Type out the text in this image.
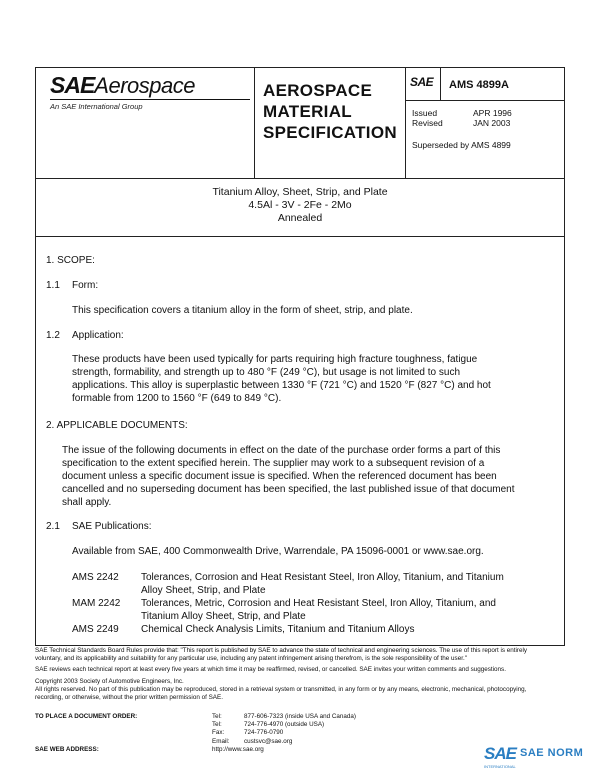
SAEAerospace
An SAE International Group
AEROSPACE
MATERIAL
SPECIFICATION
SAE AMS 4899A
Issued	APR 1996
Revised	JAN 2003
Superseded by AMS 4899
Titanium Alloy, Sheet, Strip, and Plate
4.5Al - 3V - 2Fe - 2Mo
Annealed
1. SCOPE:
1.1 Form:
This specification covers a titanium alloy in the form of sheet, strip, and plate.
1.2 Application:
These products have been used typically for parts requiring high fracture toughness, fatigue
strength, formability, and strength up to 480 °F (249 °C), but usage is not limited to such
applications. This alloy is superplastic between 1330 °F (721 °C) and 1520 °F (827 °C) and hot
formable from 1200 to 1560 °F (649 to 849 °C).
2. APPLICABLE DOCUMENTS:
The issue of the following documents in effect on the date of the purchase order forms a part of this
specification to the extent specified herein. The supplier may work to a subsequent revision of a
document unless a specific document issue is specified. When the referenced document has been
cancelled and no superseding document has been specified, the last published issue of that document
shall apply.
2.1 SAE Publications:
Available from SAE, 400 Commonwealth Drive, Warrendale, PA 15096-0001 or www.sae.org.
AMS 2242 Tolerances, Corrosion and Heat Resistant Steel, Iron Alloy, Titanium, and Titanium
Alloy Sheet, Strip, and Plate
MAM 2242 Tolerances, Metric, Corrosion and Heat Resistant Steel, Iron Alloy, Titanium, and
Titanium Alloy Sheet, Strip, and Plate
AMS 2249 Chemical Check Analysis Limits, Titanium and Titanium Alloys
SAE Technical Standards Board Rules provide that: "This report is published by SAE to advance the state of technical and engineering sciences. The use of this report is entirely
voluntary, and its applicability and suitability for any particular use, including any patent infringement arising therefrom, is the sole responsibility of the user."
SAE reviews each technical report at least every five years at which time it may be reaffirmed, revised, or cancelled. SAE invites your written comments and suggestions.
Copyright 2003 Society of Automotive Engineers, Inc.
All rights reserved. No part of this publication may be reproduced, stored in a retrieval system or transmitted, in any form or by any means, electronic, mechanical, photocopying,
recording, or otherwise, without the prior written permission of SAE.
TO PLACE A DOCUMENT ORDER:	Tel:	877-606-7323 (inside USA and Canada)
Tel:	724-776-4970 (outside USA)
Fax:	724-776-0790
Email:	custsvc@sae.org
SAE WEB ADDRESS:	http://www.sae.org	SAE SAE NORM
INTERNATIONAL
